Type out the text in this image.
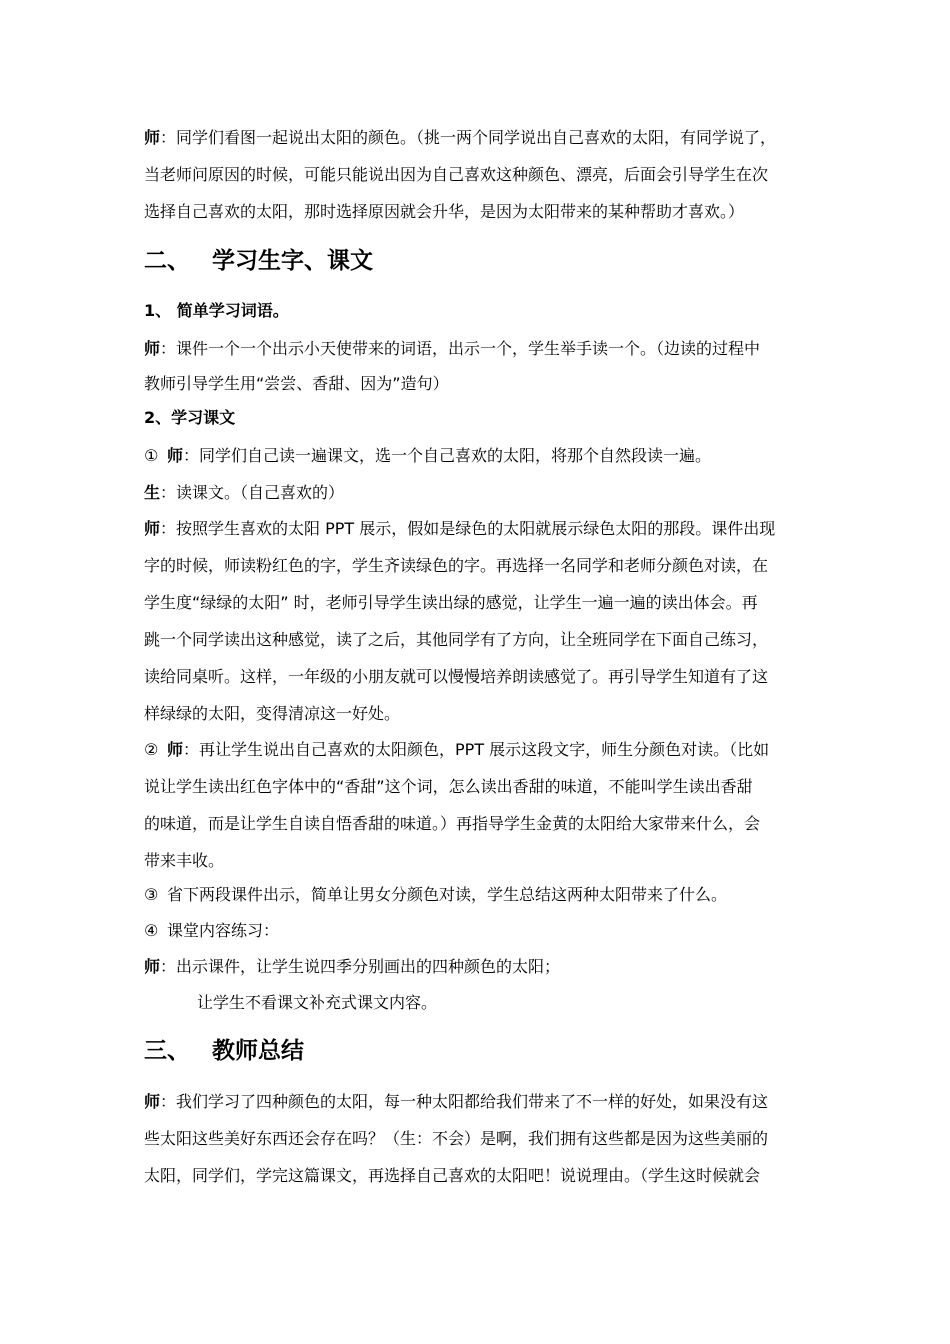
师：同学们看图一起说出太阳的颜色。（挑一两个同学说出自己喜欢的太阳，有同学说了，
当老师问原因的时候，可能只能说出因为自己喜欢这种颜色、漂亮，后面会引导学生在次
选择自己喜欢的太阳，那时选择原因就会升华，是因为太阳带来的某种帮助才喜欢。）
二、 学习生字、课文
1、 简单学习词语。
师：课件一个一个出示小天使带来的词语，出示一个，学生举手读一个。（边读的过程中
教师引导学生用“尝尝、香甜、因为”造句）
2、学习课文
① 师：同学们自己读一遍课文，选一个自己喜欢的太阳，将那个自然段读一遍。
生：读课文。（自己喜欢的）
师：按照学生喜欢的太阳 PPT 展示，假如是绿色的太阳就展示绿色太阳的那段。课件出现
字的时候，师读粉红色的字，学生齐读绿色的字。再选择一名同学和老师分颜色对读，在
学生度“绿绿的太阳” 时，老师引导学生读出绿的感觉，让学生一遍一遍的读出体会。再
跳一个同学读出这种感觉，读了之后，其他同学有了方向，让全班同学在下面自己练习，
读给同桌听。这样，一年级的小朋友就可以慢慢培养朗读感觉了。再引导学生知道有了这
样绿绿的太阳，变得清凉这一好处。
② 师：再让学生说出自己喜欢的太阳颜色，PPT 展示这段文字，师生分颜色对读。（比如
说让学生读出红色字体中的“香甜”这个词，怎么读出香甜的味道，不能叫学生读出香甜
的味道，而是让学生自读自悟香甜的味道。）再指导学生金黄的太阳给大家带来什么，会
带来丰收。
③ 省下两段课件出示，简单让男女分颜色对读，学生总结这两种太阳带来了什么。
④ 课堂内容练习：
师：出示课件，让学生说四季分别画出的四种颜色的太阳；
让学生不看课文补充式课文内容。
三、 教师总结
师：我们学习了四种颜色的太阳，每一种太阳都给我们带来了不一样的好处，如果没有这
些太阳这些美好东西还会存在吗？（生：不会）是啊，我们拥有这些都是因为这些美丽的
太阳，同学们，学完这篇课文，再选择自己喜欢的太阳吧！说说理由。（学生这时候就会
